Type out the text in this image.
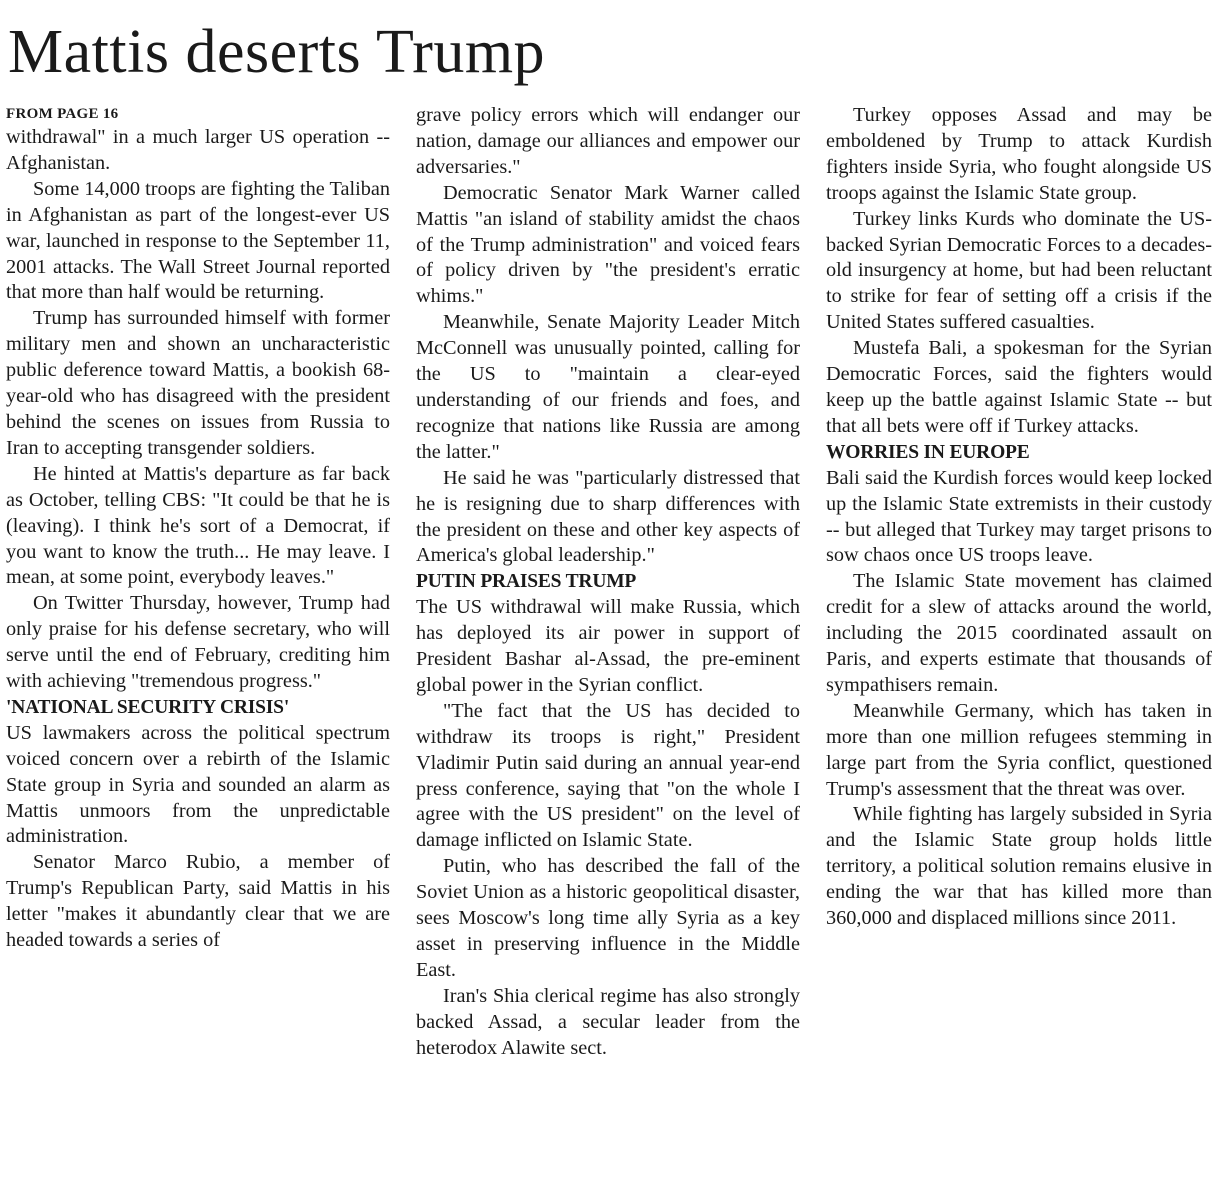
Mattis deserts Trump

FROM PAGE 16

withdrawal" in a much larger US operation -- Afghanistan.

Some 14,000 troops are fighting the Taliban in Afghanistan as part of the longest-ever US war, launched in response to the September 11, 2001 attacks. The Wall Street Journal reported that more than half would be returning.

Trump has surrounded himself with former military men and shown an uncharacteristic public deference toward Mattis, a bookish 68-year-old who has disagreed with the president behind the scenes on issues from Russia to Iran to accepting transgender soldiers.

He hinted at Mattis's departure as far back as October, telling CBS: "It could be that he is (leaving). I think he's sort of a Democrat, if you want to know the truth... He may leave. I mean, at some point, everybody leaves."

On Twitter Thursday, however, Trump had only praise for his defense secretary, who will serve until the end of February, crediting him with achieving "tremendous progress."

'NATIONAL SECURITY CRISIS'

US lawmakers across the political spectrum voiced concern over a rebirth of the Islamic State group in Syria and sounded an alarm as Mattis unmoors from the unpredictable administration.

Senator Marco Rubio, a member of Trump's Republican Party, said Mattis in his letter "makes it abundantly clear that we are headed towards a series of

grave policy errors which will endanger our nation, damage our alliances and empower our adversaries."

Democratic Senator Mark Warner called Mattis "an island of stability amidst the chaos of the Trump administration" and voiced fears of policy driven by "the president's erratic whims."

Meanwhile, Senate Majority Leader Mitch McConnell was unusually pointed, calling for the US to "maintain a clear-eyed understanding of our friends and foes, and recognize that nations like Russia are among the latter."

He said he was "particularly distressed that he is resigning due to sharp differences with the president on these and other key aspects of America's global leadership."

PUTIN PRAISES TRUMP

The US withdrawal will make Russia, which has deployed its air power in support of President Bashar al-Assad, the pre-eminent global power in the Syrian conflict.

"The fact that the US has decided to withdraw its troops is right," President Vladimir Putin said during an annual year-end press conference, saying that "on the whole I agree with the US president" on the level of damage inflicted on Islamic State.

Putin, who has described the fall of the Soviet Union as a historic geopolitical disaster, sees Moscow's long time ally Syria as a key asset in preserving influence in the Middle East.

Iran's Shia clerical regime has also strongly backed Assad, a secular leader from the heterodox Alawite sect.

Turkey opposes Assad and may be emboldened by Trump to attack Kurdish fighters inside Syria, who fought alongside US troops against the Islamic State group.

Turkey links Kurds who dominate the US-backed Syrian Democratic Forces to a decades-old insurgency at home, but had been reluctant to strike for fear of setting off a crisis if the United States suffered casualties.

Mustefa Bali, a spokesman for the Syrian Democratic Forces, said the fighters would keep up the battle against Islamic State -- but that all bets were off if Turkey attacks.

WORRIES IN EUROPE

Bali said the Kurdish forces would keep locked up the Islamic State extremists in their custody -- but alleged that Turkey may target prisons to sow chaos once US troops leave.

The Islamic State movement has claimed credit for a slew of attacks around the world, including the 2015 coordinated assault on Paris, and experts estimate that thousands of sympathisers remain.

Meanwhile Germany, which has taken in more than one million refugees stemming in large part from the Syria conflict, questioned Trump's assessment that the threat was over.

While fighting has largely subsided in Syria and the Islamic State group holds little territory, a political solution remains elusive in ending the war that has killed more than 360,000 and displaced millions since 2011.
